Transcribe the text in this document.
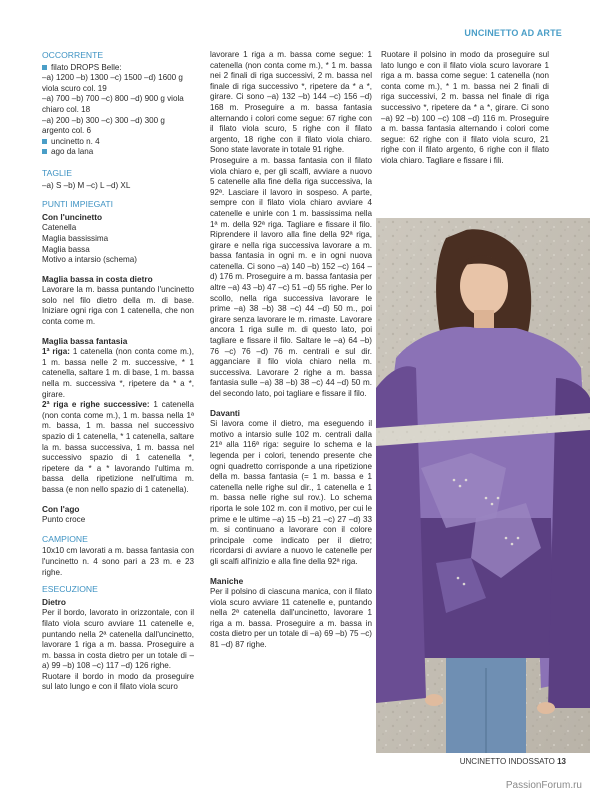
UNCINETTO AD ARTE
OCCORRENTE
filato DROPS Belle:
–a) 1200 –b) 1300 –c) 1500 –d) 1600 g viola scuro col. 19
–a) 700 –b) 700 –c) 800 –d) 900 g viola chiaro col. 18
–a) 200 –b) 300 –c) 300 –d) 300 g argento col. 6
uncinetto n. 4
ago da lana
TAGLIE
–a) S –b) M –c) L –d) XL
PUNTI IMPIEGATI
Con l'uncinetto
Catenella
Maglia bassissima
Maglia bassa
Motivo a intarsio (schema)
Maglia bassa in costa dietro

Lavorare la m. bassa puntando l'uncinetto solo nel filo dietro della m. di base. Iniziare ogni riga con 1 catenella, che non conta come m.

Maglia bassa fantasia

1ª riga: 1 catenella (non conta come m.), 1 m. bassa nelle 2 m. successive, * 1 catenella, saltare 1 m. di base, 1 m. bassa nella m. successiva *, ripetere da * a *, girare.

2ª riga e righe successive: 1 catenella (non conta come m.), 1 m. bassa nella 1ª m. bassa, 1 m. bassa nel successivo spazio di 1 catenella, * 1 catenella, saltare la m. bassa successiva, 1 m. bassa nel successivo spazio di 1 catenella *, ripetere da * a * lavorando l'ultima m. bassa della ripetizione nell'ultima m. bassa (e non nello spazio di 1 catenella).

Con l'ago
Punto croce
CAMPIONE

10x10 cm lavorati a m. bassa fantasia con l'uncinetto n. 4 sono pari a 23 m. e 23 righe.

ESECUZIONE
Dietro

Per il bordo, lavorato in orizzontale, con il filato viola scuro avviare 11 catenelle e, puntando nella 2ª catenella dall'uncinetto, lavorare 1 riga a m. bassa. Proseguire a m. bassa in costa dietro per un totale di –a) 99 –b) 108 –c) 117 –d) 126 righe.

Ruotare il bordo in modo da proseguire sul lato lungo e con il filato viola scuro

lavorare 1 riga a m. bassa come segue: 1 catenella (non conta come m.), * 1 m. bassa nei 2 finali di riga successivi, 2 m. bassa nel finale di riga successivo *, ripetere da * a *, girare. Ci sono –a) 132 –b) 144 –c) 156 –d) 168 m. Proseguire a m. bassa fantasia alternando i colori come segue: 67 righe con il filato viola scuro, 5 righe con il filato argento, 18 righe con il filato viola chiaro. Sono state lavorate in totale 91 righe.

Proseguire a m. bassa fantasia con il filato viola chiaro e, per gli scalfi, avviare a nuovo 5 catenelle alla fine della riga successiva, la 92ª. Lasciare il lavoro in sospeso. A parte, sempre con il filato viola chiaro avviare 4 catenelle e unirle con 1 m. bassissima nella 1ª m. della 92ª riga. Tagliare e fissare il filo. Riprendere il lavoro alla fine della 92ª riga, girare e nella riga successiva lavorare a m. bassa fantasia in ogni m. e in ogni nuova catenella. Ci sono –a) 140 –b) 152 –c) 164 –d) 176 m. Proseguire a m. bassa fantasia per altre –a) 43 –b) 47 –c) 51 –d) 55 righe. Per lo scollo, nella riga successiva lavorare le prime –a) 38 –b) 38 –c) 44 –d) 50 m., poi girare senza lavorare le m. rimaste. Lavorare ancora 1 riga sulle m. di questo lato, poi tagliare e fissare il filo. Saltare le –a) 64 –b) 76 –c) 76 –d) 76 m. centrali e sul dir. agganciare il filo viola chiaro nella m. successiva. Lavorare 2 righe a m. bassa fantasia sulle –a) 38 –b) 38 –c) 44 –d) 50 m. del secondo lato, poi tagliare e fissare il filo.

Davanti

Si lavora come il dietro, ma eseguendo il motivo a intarsio sulle 102 m. centrali dalla 21ª alla 116ª riga: seguire lo schema e la legenda per i colori, tenendo presente che ogni quadretto corrisponde a una ripetizione della m. bassa fantasia (= 1 m. bassa e 1 catenella nelle righe sul dir., 1 catenella e 1 m. bassa nelle righe sul rov.). Lo schema riporta le sole 102 m. con il motivo, per cui le prime e le ultime –a) 15 –b) 21 –c) 27 –d) 33 m. si continuano a lavorare con il colore principale come indicato per il dietro; ricordarsi di avviare a nuovo le catenelle per gli scalfi all'inizio e alla fine della 92ª riga.

Maniche

Per il polsino di ciascuna manica, con il filato viola scuro avviare 11 catenelle e, puntando nella 2ª catenella dall'uncinetto, lavorare 1 riga a m. bassa. Proseguire a m. bassa in costa dietro per un totale di –a) 69 –b) 75 –c) 81 –d) 87 righe.

Ruotare il polsino in modo da proseguire sul lato lungo e con il filato viola scuro lavorare 1 riga a m. bassa come segue: 1 catenella (non conta come m.), * 1 m. bassa nei 2 finali di riga successivi, 2 m. bassa nel finale di riga successivo *, ripetere da * a *, girare. Ci sono –a) 92 –b) 100 –c) 108 –d) 116 m. Proseguire a m. bassa fantasia alternando i colori come segue: 62 righe con il filato viola scuro, 21 righe con il filato argento, 6 righe con il filato viola chiaro. Tagliare e fissare i fili.

UNCINETTO INDOSSATO 13
PassionForum.ru
